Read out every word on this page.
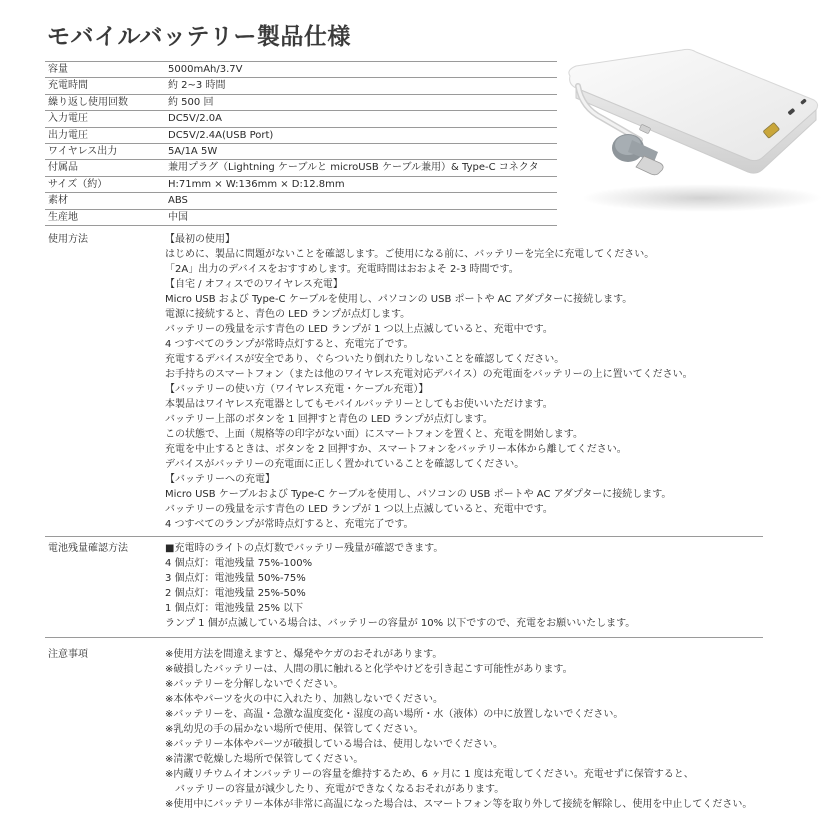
モバイルバッテリー製品仕様
容量	5000mAh/3.7V
充電時間	約 2~3 時間
繰り返し使用回数	約 500 回
入力電圧	DC5V/2.0A
出力電圧	DC5V/2.4A(USB Port)
ワイヤレス出力	5A/1A 5W
付属品	兼用プラグ（Lightning ケーブルと microUSB ケーブル兼用）& Type-C コネクタ
サイズ（約）	H:71mm × W:136mm × D:12.8mm
素材	ABS
生産地	中国
使用方法	【最初の使用】

はじめに、製品に問題がないことを確認します。ご使用になる前に、バッテリーを完全に充電してください。

「2A」出力のデバイスをおすすめします。充電時間はおおよそ 2-3 時間です。

【自宅 / オフィスでのワイヤレス充電】

Micro USB および Type-C ケーブルを使用し、パソコンの USB ポートや AC アダプターに接続します。

電源に接続すると、青色の LED ランプが点灯します。

バッテリーの残量を示す青色の LED ランプが 1 つ以上点滅していると、充電中です。

4 つすべてのランプが常時点灯すると、充電完了です。

充電するデバイスが安全であり、ぐらついたり倒れたりしないことを確認してください。

お手持ちのスマートフォン（または他のワイヤレス充電対応デバイス）の充電面をバッテリーの上に置いてください。

【バッテリーの使い方（ワイヤレス充電・ケーブル充電）】

本製品はワイヤレス充電器としてもモバイルバッテリーとしてもお使いいただけます。

バッテリー上部のボタンを 1 回押すと青色の LED ランプが点灯します。

この状態で、上面（規格等の印字がない面）にスマートフォンを置くと、充電を開始します。

充電を中止するときは、ボタンを 2 回押すか、スマートフォンをバッテリー本体から離してください。

デバイスがバッテリーの充電面に正しく置かれていることを確認してください。

【バッテリーへの充電】

Micro USB ケーブルおよび Type-C ケーブルを使用し、パソコンの USB ポートや AC アダプターに接続します。

バッテリーの残量を示す青色の LED ランプが 1 つ以上点滅していると、充電中です。

4 つすべてのランプが常時点灯すると、充電完了です。

電池残量確認方法	■充電時のライトの点灯数でバッテリー残量が確認できます。

4 個点灯：電池残量 75%-100%

3 個点灯：電池残量 50%-75%

2 個点灯：電池残量 25%-50%

1 個点灯：電池残量 25% 以下

ランプ 1 個が点滅している場合は、バッテリーの容量が 10% 以下ですので、充電をお願いいたします。

注意事項	※使用方法を間違えますと、爆発やケガのおそれがあります。

※破損したバッテリーは、人間の肌に触れると化学やけどを引き起こす可能性があります。

※バッテリーを分解しないでください。

※本体やパーツを火の中に入れたり、加熱しないでください。

※バッテリーを、高温・急激な温度変化・湿度の高い場所・水（液体）の中に放置しないでください。

※乳幼児の手の届かない場所で使用、保管してください。

※バッテリー本体やパーツが破損している場合は、使用しないでください。

※清潔で乾燥した場所で保管してください。

※内蔵リチウムイオンバッテリーの容量を維持するため、6 ヶ月に 1 度は充電してください。充電せずに保管すると、

　バッテリーの容量が減少したり、充電ができなくなるおそれがあります。

※使用中にバッテリー本体が非常に高温になった場合は、スマートフォン等を取り外して接続を解除し、使用を中止してください。
